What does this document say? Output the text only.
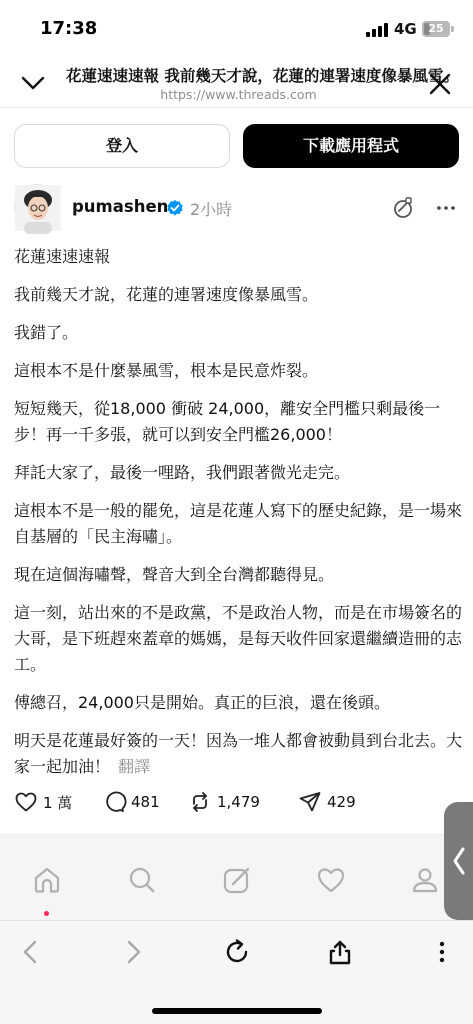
17:38	4G	25
花蓮速速速報 我前幾天才說，花蓮的連署速度像暴風雪。
https://www.threads.com
登入	下載應用程式
pumashen 2小時

花蓮速速速報

我前幾天才說，花蓮的連署速度像暴風雪。

我錯了。

這根本不是什麼暴風雪，根本是民意炸裂。

短短幾天，從18,000 衝破 24,000，離安全門檻只剩最後一步！再一千多張，就可以到安全門檻26,000！

拜託大家了，最後一哩路，我們跟著微光走完。

這根本不是一般的罷免，這是花蓮人寫下的歷史紀錄，是一場來自基層的「民主海嘯」。

現在這個海嘯聲，聲音大到全台灣都聽得見。

這一刻，站出來的不是政黨，不是政治人物，而是在市場簽名的大哥，是下班趕來蓋章的媽媽，是每天收件回家還繼續造冊的志工。

傅總召，24,000只是開始。真正的巨浪，還在後頭。

明天是花蓮最好簽的一天！因為一堆人都會被動員到台北去。大家一起加油！ 翻譯

1 萬	481	1,479	429
